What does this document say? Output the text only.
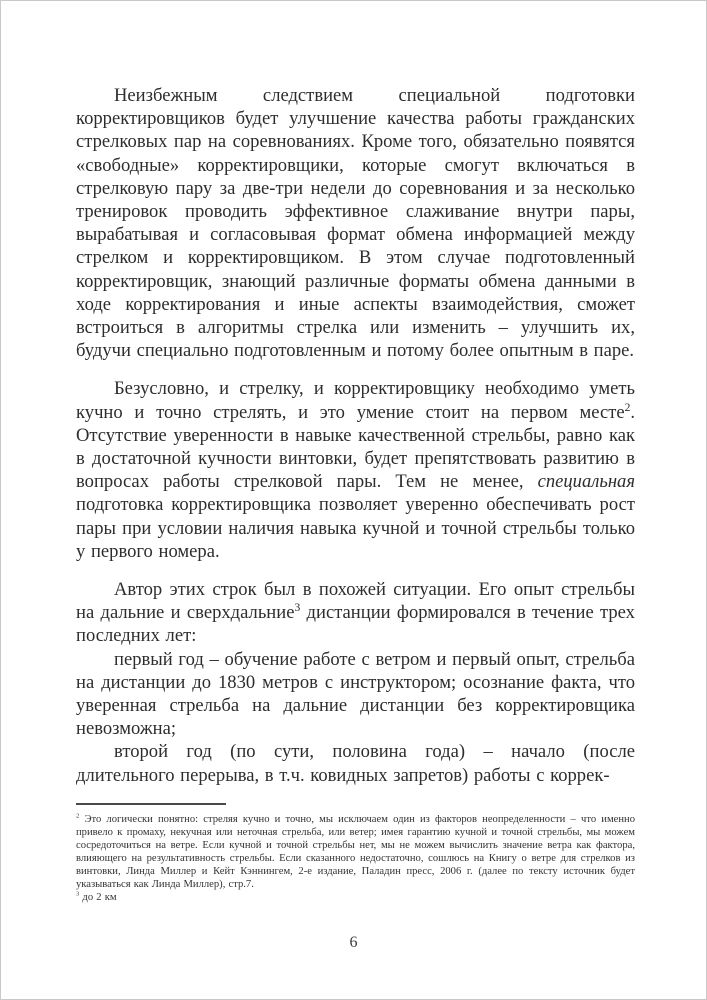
Неизбежным следствием специальной подготовки корректировщиков будет улучшение качества работы гражданских стрелковых пар на соревнованиях. Кроме того, обязательно появятся «свободные» корректировщики, которые смогут включаться в стрелковую пару за две-три недели до соревнования и за несколько тренировок проводить эффективное слаживание внутри пары, вырабатывая и согласовывая формат обмена информацией между стрелком и корректировщиком. В этом случае подготовленный корректировщик, знающий различные форматы обмена данными в ходе корректирования и иные аспекты взаимодействия, сможет встроиться в алгоритмы стрелка или изменить – улучшить их, будучи специально подготовленным и потому более опытным в паре.

Безусловно, и стрелку, и корректировщику необходимо уметь кучно и точно стрелять, и это умение стоит на первом месте$^2$. Отсутствие уверенности в навыке качественной стрельбы, равно как в достаточной кучности винтовки, будет препятствовать развитию в вопросах работы стрелковой пары. Тем не менее, специальная подготовка корректировщика позволяет уверенно обеспечивать рост пары при условии наличия навыка кучной и точной стрельбы только у первого номера.

Автор этих строк был в похожей ситуации. Его опыт стрельбы на дальние и сверхдальние$^3$ дистанции формировался в течение трех последних лет:

первый год – обучение работе с ветром и первый опыт, стрельба на дистанции до 1830 метров с инструктором; осознание факта, что уверенная стрельба на дальние дистанции без корректировщика невозможна;

второй год (по сути, половина года) – начало (после длительного перерыва, в т.ч. ковидных запретов) работы с коррек-

$^2$ Это логически понятно: стреляя кучно и точно, мы исключаем один из факторов неопределенности – что именно привело к промаху, некучная или неточная стрельба, или ветер; имея гарантию кучной и точной стрельбы, мы можем сосредоточиться на ветре. Если кучной и точной стрельбы нет, мы не можем вычислить значение ветра как фактора, влияющего на результативность стрельбы. Если сказанного недостаточно, сошлюсь на Книгу о ветре для стрелков из винтовки, Линда Миллер и Кейт Кэннингем, 2-е издание, Паладин пресс, 2006 г. (далее по тексту источник будет указываться как Линда Миллер), стр.7.

$^3$ до 2 км

6
